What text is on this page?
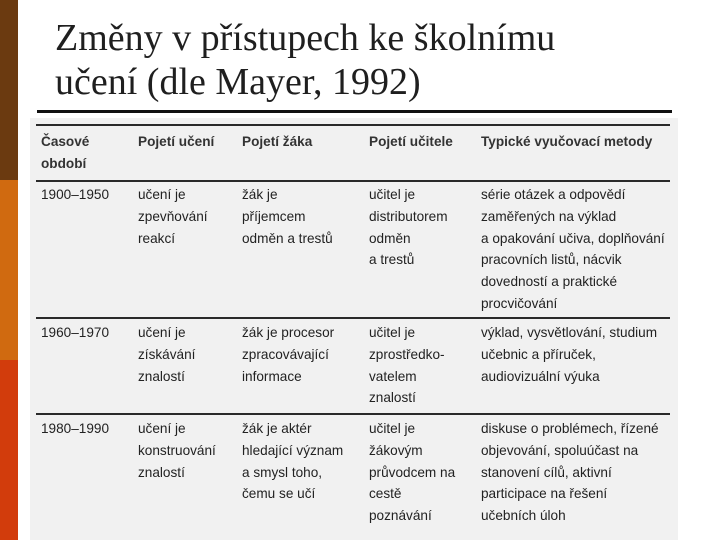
Změny v přístupech ke školnímu
učení (dle Mayer, 1992)
Časové
období
Pojetí učení Pojetí žáka	Pojetí učitele Typické vyučovací metody
1900–1950 učení je
zpevňování
reakcí
žák je
příjemcem
odměn a trestů
učitel je
distributorem
odměn
a trestů
série otázek a odpovědí
zaměřených na výklad
a opakování učiva, doplňování
pracovních listů, nácvik
dovedností a praktické
procvičování
1960–1970 učení je
získávání
znalostí
žák je procesor
zpracovávající
informace
učitel je
zprostředko-
vatelem
znalostí
výklad, vysvětlování, studium
učebnic a příruček,
audiovizuální výuka
1980–1990 učení je
konstruování
znalostí
žák je aktér
hledající význam
a smysl toho,
čemu se učí
učitel je
žákovým
průvodcem na
cestě
poznávání
diskuse o problémech, řízené
objevování, spoluúčast na
stanovení cílů, aktivní
participace na řešení
učebních úloh
